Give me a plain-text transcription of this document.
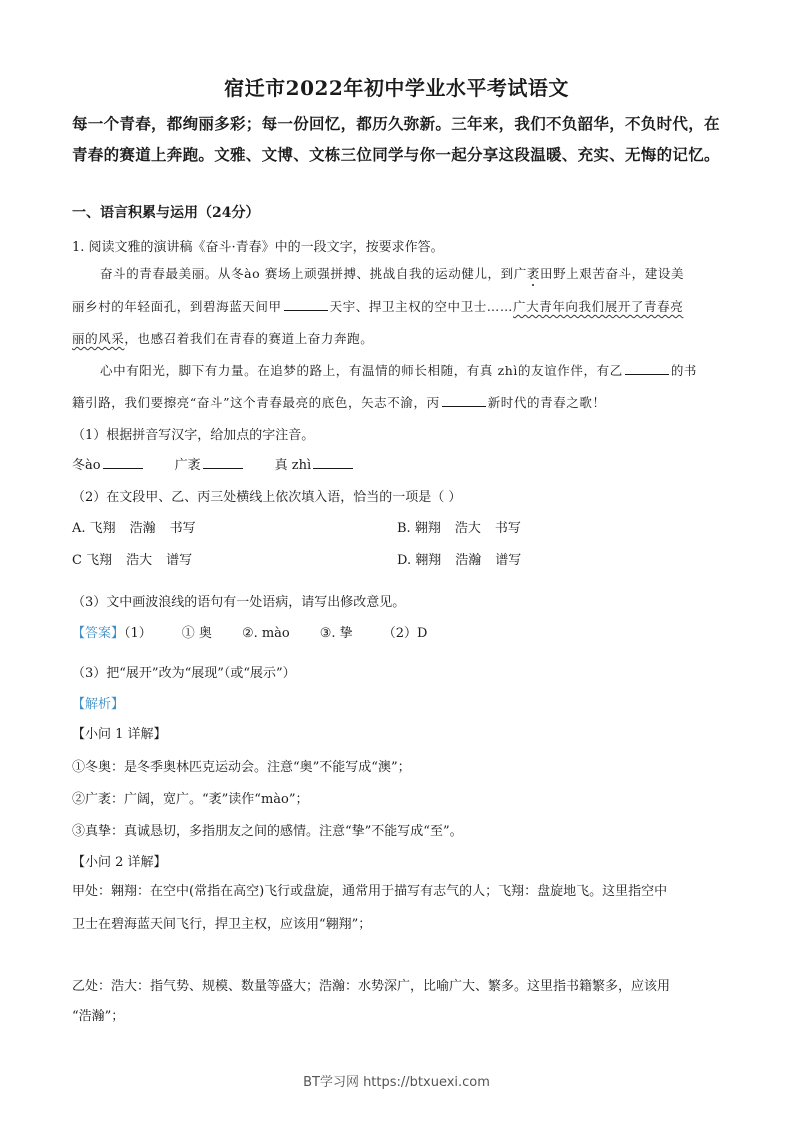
宿迁市2022年初中学业水平考试语文
每一个青春，都绚丽多彩；每一份回忆，都历久弥新。三年来，我们不负韶华，不负时代，在青春的赛道上奔跑。文雅、文博、文栋三位同学与你一起分享这段温暖、充实、无悔的记忆。
一、语言积累与运用（24分）
1. 阅读文雅的演讲稿《奋斗·青春》中的一段文字，按要求作答。
奋斗的青春最美丽。从冬ào 赛场上顽强拼搏、挑战自我的运动健儿，到广袤田野上艰苦奋斗，建设美
丽乡村的年轻面孔，到碧海蓝天间甲	天宇、捍卫主权的空中卫士……广大青年向我们展开了青春亮
丽的风采，也感召着我们在青春的赛道上奋力奔跑。
心中有阳光，脚下有力量。在追梦的路上，有温情的师长相随，有真 zhì的友谊作伴，有乙	的书
籍引路，我们要擦亮“奋斗”这个青春最亮的底色，矢志不渝，丙	新时代的青春之歌！
（1）根据拼音写汉字，给加点的字注音。
冬ào	广袤	真 zhì
（2）在文段甲、乙、丙三处横线上依次填入语，恰当的一项是（ ）
A. 飞翔 浩瀚 书写	B. 翱翔 浩大 书写
C 飞翔 浩大 谱写	D. 翱翔 浩瀚 谱写
（3）文中画波浪线的语句有一处语病，请写出修改意见。
【答案】（1） ① 奥 ②. mào ③. 挚 （2）D
（3）把“展开”改为“展现”（或“展示”）
【解析】
【小问 1 详解】
①冬奥：是冬季奥林匹克运动会。注意“奥”不能写成“澳”；
②广袤：广阔，宽广。“袤”读作“mào”；
③真挚：真诚恳切，多指朋友之间的感情。注意“挚”不能写成“至”。
【小问 2 详解】
甲处：翱翔：在空中(常指在高空)飞行或盘旋，通常用于描写有志气的人；飞翔：盘旋地飞。这里指空中
卫士在碧海蓝天间飞行，捍卫主权，应该用“翱翔”；
乙处：浩大：指气势、规模、数量等盛大；浩瀚：水势深广，比喻广大、繁多。这里指书籍繁多，应该用
“浩瀚”；
BT学习网 https://btxuexi.com
